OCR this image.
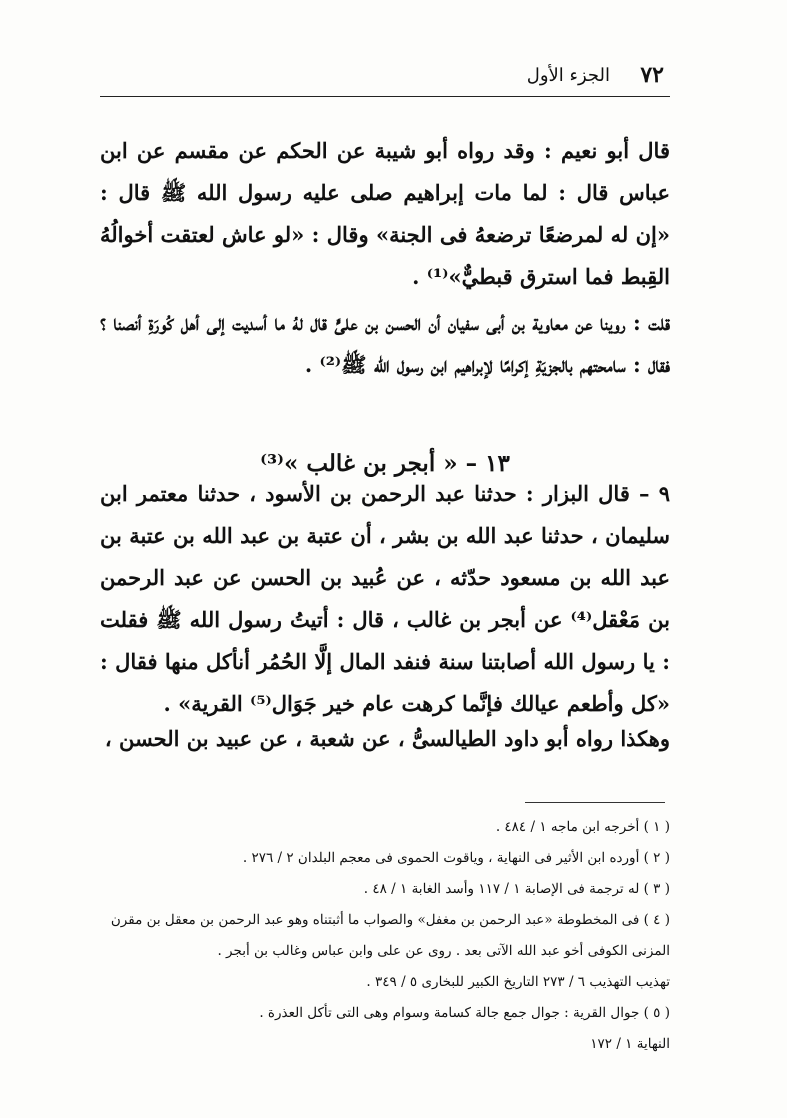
٧٢
الجزء الأول
قال أبو نعيم : وقد رواه أبو شيبة عن الحكم عن مقسم عن ابن عباس قال : لما مات إبراهيم صلى عليه رسول الله ﷺ قال : «إن له لمرضعًا ترضعهُ فى الجنة» وقال : «لو عاش لعتقت أخوالُهُ القِبط فما استرق قبطيٌّ»⁽¹⁾ .
قلت : روينا عن معاوية بن أبى سفيان أن الحسن بن علىٍّ قال لهُ ما أسديت إلى أهل كُورَةِ أنصنا ؟ فقال : سامحتهم بالجزيَةِ إكرامًا لإبراهيم ابن رسول الله ﷺ⁽²⁾ .
١٣ – « أبجر بن غالب »⁽³⁾
٩ – قال البزار : حدثنا عبد الرحمن بن الأسود ، حدثنا معتمر ابن سليمان ، حدثنا عبد الله بن بشر ، أن عتبة بن عبد الله بن عتبة بن عبد الله بن مسعود حدّثه ، عن عُبيد بن الحسن عن عبد الرحمن بن مَعْقل⁽⁴⁾ عن أبجر بن غالب ، قال : أتيتُ رسول الله ﷺ فقلت : يا رسول الله أصابتنا سنة فنفد المال إلَّا الحُمُر أنأكل منها فقال : «كل وأطعم عيالك فإنَّما كرهت عام خير جَوَال⁽⁵⁾ القرية» .
وهكذا رواه أبو داود الطيالسىُّ ، عن شعبة ، عن عبيد بن الحسن ،

( ١ ) أخرجه ابن ماجه ١ / ٤٨٤ .

( ٢ ) أورده ابن الأثير فى النهاية ، وياقوت الحموى فى معجم البلدان ٢ / ٢٧٦ .

( ٣ ) له ترجمة فى الإصابة ١ / ١١٧ وأسد الغابة ١ / ٤٨ .

( ٤ ) فى المخطوطة «عبد الرحمن بن مغفل» والصواب ما أثبتناه وهو عبد الرحمن بن معقل بن مقرن المزنى الكوفى أخو عبد الله الآتى بعد . روى عن على وابن عباس وغالب بن أبجر .

تهذيب التهذيب ٦ / ٢٧٣ التاريخ الكبير للبخارى ٥ / ٣٤٩ .

( ٥ ) جوال القرية : جوال جمع جالة كسامة وسوام وهى التى تأكل العذرة .

النهاية ١ / ١٧٢
